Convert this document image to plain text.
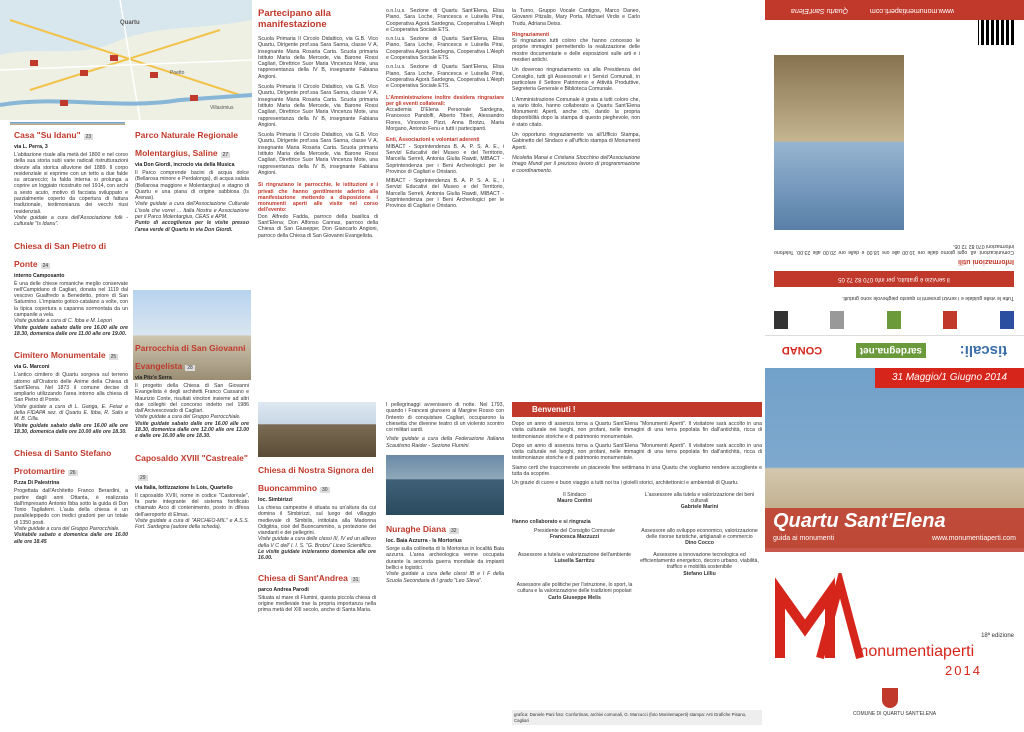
Poetto
Quartu
Villasimius
Casa "Su Idanu" 23
via L. Perra, 3
L'abitazione risale alla metà del 1800 e nel corso della sua storia subì varie radicali ristrutturazioni dovute alla storica alluvione del 1889. Il corpo residenziale si esprime con un tetto a due falde su arcareccio; la falda interna si prolunga a coprire un loggiato ricostruito nel 1914, con archi a sesto acuto, motivo di facciata sviluppato e parzialmente coperto da copertura di fattura tradizionale, testimonianza dei vecchi riusi residenziali.
Visite guidate a cura dell'Associazione folk - culturale "Is Idanu".
Chiesa di San Pietro di Ponte 24
interno Camposanto
È una delle chiese romaniche meglio conservate nell'Campidano di Cagliari, donata nel 1119 dal vescovo Gualfredo a Benedetto, priore di San Saturnino. L'impianto gotico-catalano a volte, con la tipica copertura a capanna sormontata da un campanile a vela.
Visite guidate a cura di C. Ibba e M. Lepori
Visite guidate sabato dalle ore 16.00 alle ore 18.30, domenica dalle ore 11.00 alle ore 19.00.
Cimitero Monumentale 25
via G. Marconi
L'antico cimitero di Quartu sorgeva sul terreno attorno all'Oratorio delle Anime della Chiesa di Sant'Elena. Nel 1873 il comune decise di ampliarlo utilizzando l'area intorno alla chiesa di San Pietro di Ponte.
Visite guidate a cura di L. Ganga, E. Fetaz e della FIDAPA sez. di Quartu E. Ibba, R. Salis e M. B. Cilla.
Visite guidate sabato dalle ore 16.00 alle ore 18.30, domenica dalle ore 10.00 alle ore 18.30.
Chiesa di Santo Stefano Protomartire 26
P.zza Di Palestrina
Progettata dall'Architetto Franco Berardini, a partire dagli anni Ottanta, è realizzata dall'impresario Antonio Ibba sotto la guida di Don Tonio Tagliaferri. L'aula della chiesa è un parallelepipedo con tredici gradoni per un totale di 1350 posti.
Visite guidate a cura del Gruppo Parrocchiale.
Visitabile sabato e domenica dalle ore 16.00 alle ore 18.45
Parco Naturale Regionale Molentargius, Saline 27
via Don Giordi, incrocio via della Musica
Il Parco comprende bacini di acqua dolce (Bellarosa minore e Perdalonga), di acqua salata (Bellarosa maggiore e Molentargius) e stagno di Quartu e una piana di origine sabbiosa (Is Arenas).
Visite guidate a cura dell'Associazione Culturale L'isola che vorrei ... Italia Nostra e Associazione per il Parco Molentargius, CEAS e APM.
Punto di accoglienza per le visite presso l'area verde di Quartu in via Don Giordi.
Parrocchia di San Giovanni Evangelista 28
via Pitz'e Serra
Il progetto della Chiesa di San Giovanni Evangelista è degli architetti Franco Cassano e Maurizio Conte, risultati vincitori insieme ad altri due colleghi del concorso indetto nel 1986 dall'Arcivescovado di Cagliari.
Visite guidate a cura del Gruppo Parrocchiale.
Visite guidate sabato dalle ore 16.00 alle ore 18.30, domenica dalle ore 12.00 alle ore 13.00 e dalle ore 16.00 alle ore 18.30.
Caposaldo XVIII "Castreale"29
via Italia, lottizzazione Is Lois, Quartello
Il caposaldo XVIII, nome in codice "Castoreale", fa parte integrante del sistema fortificato chiamato Arco di contenimento, posto in difesa dell'aeroporto di Elmas.
Visite guidate a cura di "ARCHEO-MIL" e A.S.S. Fort. Sardegna (autore della scheda).
Partecipano alla manifestazione
Scuola Primaria Il Circolo Didattico, via G.B. Vico Quartu, Dirigente prof.ssa Sara Sanna, classe V A, insegnante Maria Rosaria Carta. Scuola primaria Istituto Maria della Mercede, via Barone Rossi Cagliari, Direttrice Suor Maria Vincenza Mote, una rappresentanza della IV B, insegnante Fabiana Angioni.
Scuola Primaria Il Circolo Didattico, via G.B. Vico Quartu, Dirigente prof.ssa Sara Sanna, classe V A, insegnante Maria Rosaria Carta. Scuola primaria Istituto Maria della Mercede, via Barone Rossi Cagliari, Direttrice Suor Maria Vincenza Mote, una rappresentanza della IV B, insegnante Fabiana Angioni.
Scuola Primaria Il Circolo Didattico, via G.B. Vico Quartu, Dirigente prof.ssa Sara Sanna, classe V A, insegnante Maria Rosaria Carta. Scuola primaria Istituto Maria della Mercede, via Barone Rossi Cagliari, Direttrice Suor Maria Vincenza Mote, una rappresentanza della IV B, insegnante Fabiana Angioni.
Si ringraziano le parrocchie, le istituzioni e i privati che hanno gentilmente aderito alla manifestazione mettendo a disposizione i monumenti aperti alle visite nel corso dell'evento:
Don Alfredo Fadda, parroco della basilica di Sant'Elena; Don Alfonso Cannas, parroco della Chiesa di San Giuseppe; Don Giancarlo Angioni, parroco della Chiesa di San Giovanni Evangelista.
o.n.l.u.s. Sezione di Quartu Sant'Elena, Elisa Piano, Sara Loche, Francesca e Luisella Pirai, Cooperativa Agorà Sardegna, Cooperativa L'Aleph e Cooperativa Sociale ETS.
o.n.l.u.s. Sezione di Quartu Sant'Elena, Elisa Piano, Sara Loche, Francesca e Luisella Pirai, Cooperativa Agorà Sardegna, Cooperativa L'Aleph e Cooperativa Sociale ETS.
o.n.l.u.s. Sezione di Quartu Sant'Elena, Elisa Piano, Sara Loche, Francesca e Luisella Pirai, Cooperativa Agorà Sardegna, Cooperativa L'Aleph e Cooperativa Sociale ETS.
L'Amministrazione inoltre desidera ringraziare per gli eventi collaterali:
Accademia D'Elena Personale Sardegna, Francesco Pandolfi, Alberto Tiberi, Alessandro Flores, Vincenzo Pizzi, Anna Brotzu, Maria Morgano, Antonio Fenu e tutti i partecipanti.
Enti, Associazioni e volontari aderenti
MIBACT - Soprintendenza B. A. P. S. A. E., i Servizi Educativi del Museo e del Territorio, Marcella Serreli, Antonia Giulia Rawdi, MIBACT - Soprintendenza per i Beni Archeologici per le Province di Cagliari e Oristano.
MIBACT - Soprintendenza B. A. P. S. A. E., i Servizi Educativi del Museo e del Territorio, Marcella Serreli, Antonia Giulia Rawdi, MIBACT - Soprintendenza per i Beni Archeologici per le Province di Cagliari e Oristano.
la Turno, Gruppo Vocale Cantigos, Marco Daneo, Giovanni Pitzalis, Mary Porta, Michael Virdis e Carlo Trudu, Adriana Deiss.
Ringraziamenti
Si ringraziano tutti coloro che hanno concesso le proprie immagini permettendo la realizzazione delle mostre documentarie e delle esposizioni sulle arti e i mestieri antichi.
Un doveroso ringraziamento va alla Presidenza del Consiglio, tutti gli Assessorati e i Servizi Comunali, in particolare il Settore Patrimonio e Attività Produttive, Segreteria Generale e Biblioteca Comunale.
L'Amministrazione Comunale è grata a tutti coloro che, a vario titolo, hanno collaborato a Quartu Sant'Elena Monumenti Aperti, anche chi, dando la propria disponibilità dopo la stampa di questo pieghevole, non è stato citato.
Un opportuno ringraziamento va all'Ufficio Stampa, Gabinetto del Sindaco e all'ufficio stampa di Monumenti Aperti.
Nicoletta Manai e Cristiana Stocchino dell'Associazione Imago Mundi per il prezioso lavoro di programmazione e coordinamento.
tiscali:
sardegna.net
CONAD
Tutte le visite guidate e i servizi presenti in questo pieghevole sono gratuiti.
Il servizio è gratuito, per info 070 82 72 05
Informazioni utili
Comunicazioni: all. ogni giorno dalle ore 10.00 alle ore 18.00 e dalle ore 20.00 alle 23.00. Telefono informazioni 070 82 72 05.
www.monumentiaperti.com Quartu Sant'Elena
Chiesa di Nostra Signora del Buoncammino 30
loc. Simbirizzi
La chiesa campestre è situata su un'altura da cui domina il Simbirizzi, sul luogo del villaggio medievale di Simbilis, intitolata alla Madonna Odigitria, cioè del Buoncammino, a protezione dei viandanti e dei pellegrini.
Visite guidate a cura delle classi III, IV ed un allievo della V C dell' I. I. S. "G. Brotzu" Liceo Scientifico.
Le visite guidate inizieranno domenica alle ore 16.00.
Chiesa di Sant'Andrea 31
parco Andrea Parodi
Situata al mare di Flumini, questa piccola chiesa di origine medievale trae la propria importanza nella prima metà del XIII secolo, anche di Santa Maria.
I pellegrinaggi avvenissero di notte. Nel 1793, quando i Francesi giunsero al Margine Rosso con l'intento di conquistare Cagliari, occuparono la chiesetta che divenne teatro di un violento scontro coi militari sardi.
Visite guidate a cura della Federazione Italiana Scautismo Raider - Sezione Flumini.
Nuraghe Diana 32
loc. Baia Azzurra - Is Mortorius
Sorge sulla collinetta di Is Mortorius in località Baia azzurra. L'area archeologica venne occupata durante la seconda guerra mondiale da impianti bellici e logistici.
Visite guidate a cura delle classi IB e I F della Scuola Secondaria di I grado "Leo Sleva".
Benvenuti !
Dopo un anno di assenza torna a Quartu Sant'Elena "Monumenti Aperti". Il visitatore sarà accolto in una visita culturale nei luoghi, non profani, nelle immagini di una terra popolata fin dall'antichità, ricca di testimonianze storiche e di patrimonio monumentale.
Dopo un anno di assenza torna a Quartu Sant'Elena "Monumenti Aperti". Il visitatore sarà accolto in una visita culturale nei luoghi, non profani, nelle immagini di una terra popolata fin dall'antichità, ricca di testimonianze storiche e di patrimonio monumentale.
Siamo certi che trascorrerete un piacevole fine settimana in una Quartu che vogliamo rendere accogliente e tutta da scoprire.
Un grazie di cuore e buon viaggio a tutti noi tra i gioielli storici, architettonici e ambientali di Quartu.
Il Sindaco
Mauro Contini
L'assessore alla tutela e valorizzazione dei beni culturali
Gabriele Marini
Hanno collaborato e si ringrazia
Presidente del Consiglio Comunale
Francesca Mazzuzzi
Assessore allo sviluppo economico, valorizzazione delle risorse turistiche, artigianali e commercio
Dino Cocco
Assessore a tutela e valorizzazione dell'ambiente
Luisella Sarritzu
Assessore a innovazione tecnologica ed efficientamento energetico, decoro urbano, viabilità, traffico e mobilità sostenibile
Stefano Lilliu
Assessore alle politiche per l'istruzione, lo sport, la cultura e la valorizzazione delle tradizioni popolari
Carlo Giuseppe Melis
grafica: Daniele Pani foto: Confortinas, archivi comunali, G. Marcucci (foto Monitemaperti) stampa: Arti Grafiche Pisano, Cagliari
31 Maggio/1 Giugno 2014
Quartu Sant'Elena
guida ai monumenti	www.monumentiaperti.com
18ª edizione
monumentiaperti
2014
COMUNE DI QUARTU SANT'ELENA
